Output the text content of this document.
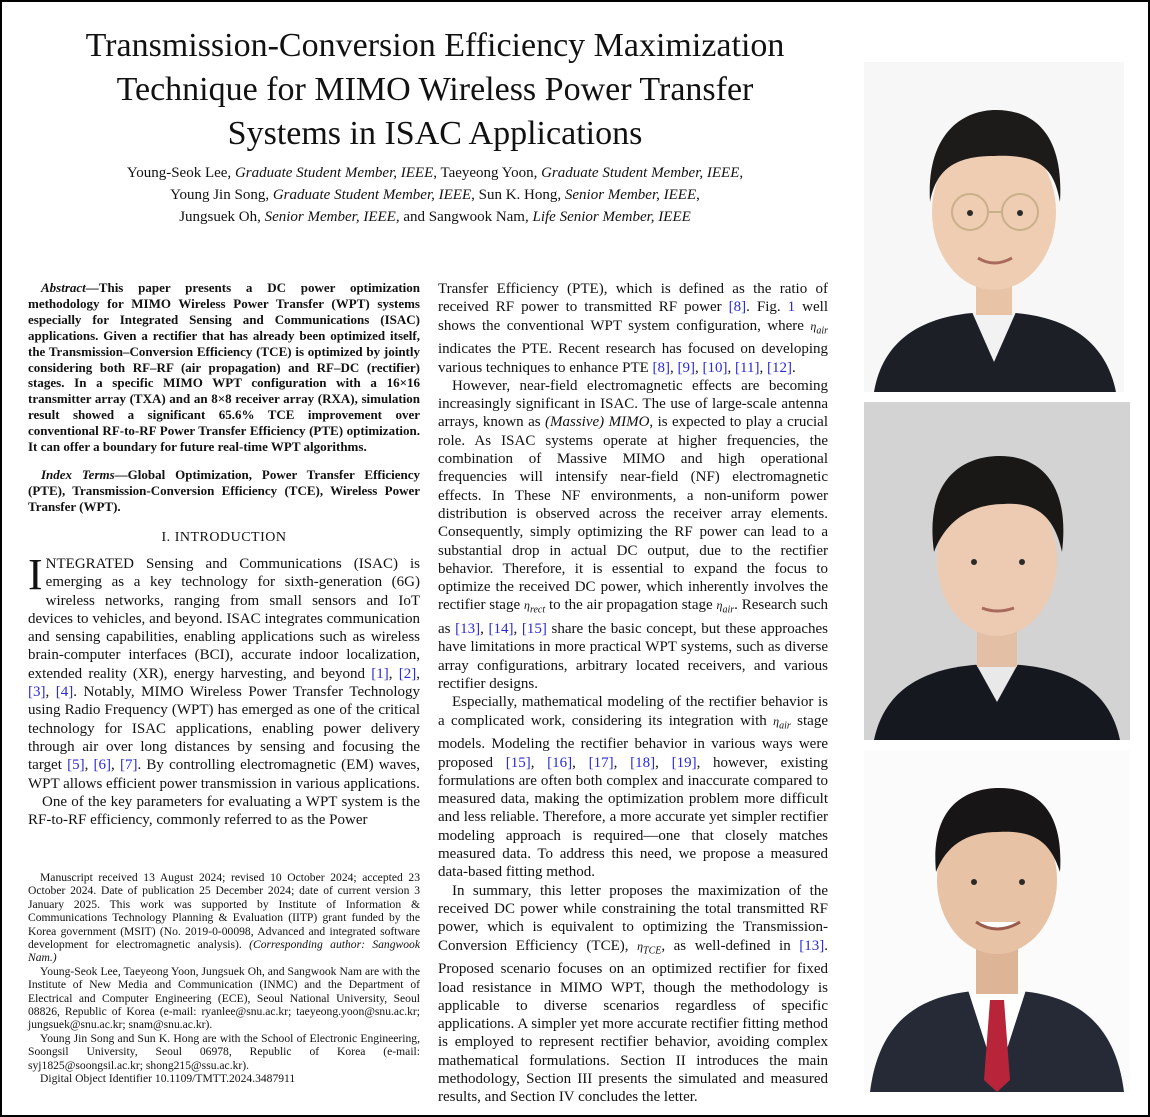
Transmission-Conversion Efficiency Maximization
Technique for MIMO Wireless Power Transfer
Systems in ISAC Applications
Young-Seok Lee, Graduate Student Member, IEEE, Taeyeong Yoon, Graduate Student Member, IEEE,
Young Jin Song, Graduate Student Member, IEEE, Sun K. Hong, Senior Member, IEEE,
Jungsuek Oh, Senior Member, IEEE, and Sangwook Nam, Life Senior Member, IEEE

Abstract—This paper presents a DC power optimization methodology for MIMO Wireless Power Transfer (WPT) systems especially for Integrated Sensing and Communications (ISAC) applications. Given a rectifier that has already been optimized itself, the Transmission–Conversion Efficiency (TCE) is optimized by jointly considering both RF–RF (air propagation) and RF–DC (rectifier) stages. In a specific MIMO WPT configuration with a 16×16 transmitter array (TXA) and an 8×8 receiver array (RXA), simulation result showed a significant 65.6% TCE improvement over conventional RF-to-RF Power Transfer Efficiency (PTE) optimization. It can offer a boundary for future real-time WPT algorithms.

Index Terms—Global Optimization, Power Transfer Efficiency (PTE), Transmission-Conversion Efficiency (TCE), Wireless Power Transfer (WPT).

I. INTRODUCTION

INTEGRATED Sensing and Communications (ISAC) is emerging as a key technology for sixth-generation (6G) wireless networks, ranging from small sensors and IoT devices to vehicles, and beyond. ISAC integrates communication and sensing capabilities, enabling applications such as wireless brain-computer interfaces (BCI), accurate indoor localization, extended reality (XR), energy harvesting, and beyond [1], [2], [3], [4]. Notably, MIMO Wireless Power Transfer Technology using Radio Frequency (WPT) has emerged as one of the critical technology for ISAC applications, enabling power delivery through air over long distances by sensing and focusing the target [5], [6], [7]. By controlling electromagnetic (EM) waves, WPT allows efficient power transmission in various applications.

One of the key parameters for evaluating a WPT system is the RF-to-RF efficiency, commonly referred to as the Power

Manuscript received 13 August 2024; revised 10 October 2024; accepted 23 October 2024. Date of publication 25 December 2024; date of current version 3 January 2025. This work was supported by Institute of Information & Communications Technology Planning & Evaluation (IITP) grant funded by the Korea government (MSIT) (No. 2019-0-00098, Advanced and integrated software development for electromagnetic analysis). (Corresponding author: Sangwook Nam.)

Young-Seok Lee, Taeyeong Yoon, Jungsuek Oh, and Sangwook Nam are with the Institute of New Media and Communication (INMC) and the Department of Electrical and Computer Engineering (ECE), Seoul National University, Seoul 08826, Republic of Korea (e-mail: ryanlee@snu.ac.kr; taeyeong.yoon@snu.ac.kr; jungsuek@snu.ac.kr; snam@snu.ac.kr).

Young Jin Song and Sun K. Hong are with the School of Electronic Engineering, Soongsil University, Seoul 06978, Republic of Korea (e-mail: syj1825@soongsil.ac.kr; shong215@ssu.ac.kr).

Digital Object Identifier 10.1109/TMTT.2024.3487911

Transfer Efficiency (PTE), which is defined as the ratio of received RF power to transmitted RF power [8]. Fig. 1 well shows the conventional WPT system configuration, where $\eta_{air}$ indicates the PTE. Recent research has focused on developing various techniques to enhance PTE [8], [9], [10], [11], [12].

However, near-field electromagnetic effects are becoming increasingly significant in ISAC. The use of large-scale antenna arrays, known as (Massive) MIMO, is expected to play a crucial role. As ISAC systems operate at higher frequencies, the combination of Massive MIMO and high operational frequencies will intensify near-field (NF) electromagnetic effects. In These NF environments, a non-uniform power distribution is observed across the receiver array elements. Consequently, simply optimizing the RF power can lead to a substantial drop in actual DC output, due to the rectifier behavior. Therefore, it is essential to expand the focus to optimize the received DC power, which inherently involves the rectifier stage $\eta_{rect}$ to the air propagation stage $\eta_{air}$. Research such as [13], [14], [15] share the basic concept, but these approaches have limitations in more practical WPT systems, such as diverse array configurations, arbitrary located receivers, and various rectifier designs.

Especially, mathematical modeling of the rectifier behavior is a complicated work, considering its integration with $\eta_{air}$ stage models. Modeling the rectifier behavior in various ways were proposed [15], [16], [17], [18], [19], however, existing formulations are often both complex and inaccurate compared to measured data, making the optimization problem more difficult and less reliable. Therefore, a more accurate yet simpler rectifier modeling approach is required—one that closely matches measured data. To address this need, we propose a measured data-based fitting method.

In summary, this letter proposes the maximization of the received DC power while constraining the total transmitted RF power, which is equivalent to optimizing the Transmission-Conversion Efficiency (TCE), $\eta_{TCE}$, as well-defined in [13]. Proposed scenario focuses on an optimized rectifier for fixed load resistance in MIMO WPT, though the methodology is applicable to diverse scenarios regardless of specific applications. A simpler yet more accurate rectifier fitting method is employed to represent rectifier behavior, avoiding complex mathematical formulations. Section II introduces the main methodology, Section III presents the simulated and measured results, and Section IV concludes the letter.
